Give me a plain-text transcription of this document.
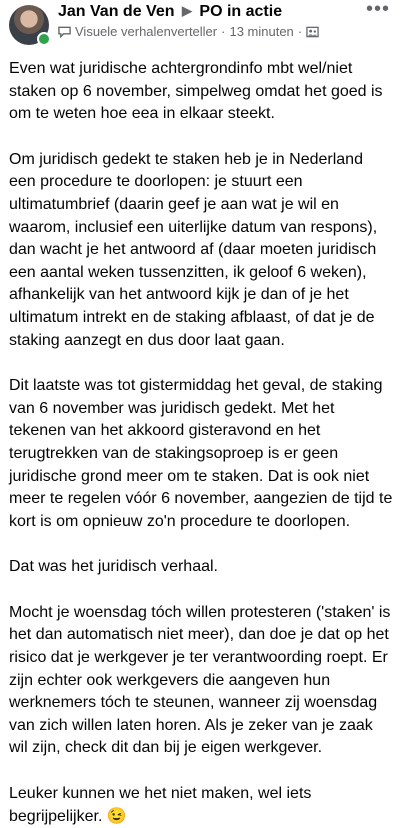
Jan Van de Ven ▶ PO in actie
Visuele verhalenverteller · 13 minuten ·
•••

Even wat juridische achtergrondinfo mbt wel/niet staken op 6 november, simpelweg omdat het goed is om te weten hoe eea in elkaar steekt.

Om juridisch gedekt te staken heb je in Nederland een procedure te doorlopen: je stuurt een ultimatumbrief (daarin geef je aan wat je wil en waarom, inclusief een uiterlijke datum van respons), dan wacht je het antwoord af (daar moeten juridisch een aantal weken tussenzitten, ik geloof 6 weken), afhankelijk van het antwoord kijk je dan of je het ultimatum intrekt en de staking afblaast, of dat je de staking aanzegt en dus door laat gaan.

Dit laatste was tot gistermiddag het geval, de staking van 6 november was juridisch gedekt. Met het tekenen van het akkoord gisteravond en het terugtrekken van de stakingsoproep is er geen juridische grond meer om te staken. Dat is ook niet meer te regelen vóór 6 november, aangezien de tijd te kort is om opnieuw zo'n procedure te doorlopen.

Dat was het juridisch verhaal.

Mocht je woensdag tóch willen protesteren ('staken' is het dan automatisch niet meer), dan doe je dat op het risico dat je werkgever je ter verantwoording roept. Er zijn echter ook werkgevers die aangeven hun werknemers tóch te steunen, wanneer zij woensdag van zich willen laten horen. Als je zeker van je zaak wil zijn, check dit dan bij je eigen werkgever.

Leuker kunnen we het niet maken, wel iets begrijpelijker. 😉
